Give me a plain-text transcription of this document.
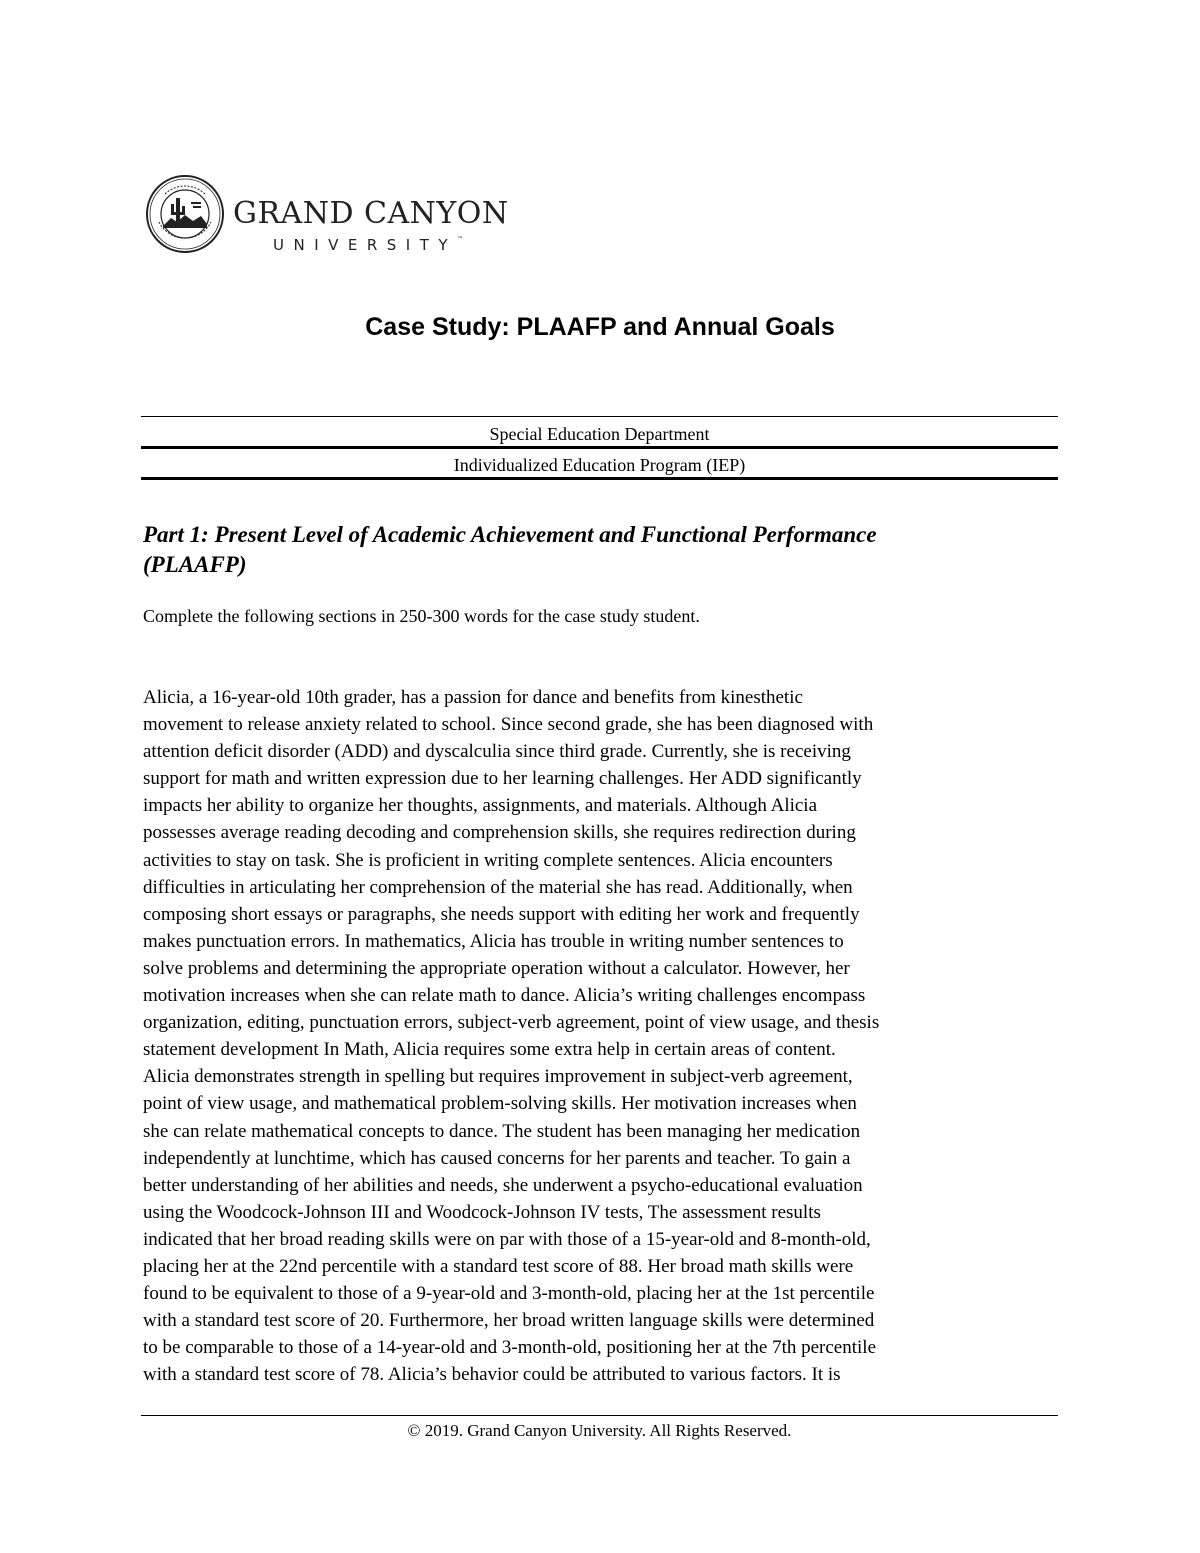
GRAND CANYON
UNIVERSITY™
Case Study: PLAAFP and Annual Goals
Special Education Department
Individualized Education Program (IEP)
Part 1: Present Level of Academic Achievement and Functional Performance
(PLAAFP)
Complete the following sections in 250-300 words for the case study student.
Alicia, a 16-year-old 10th grader, has a passion for dance and benefits from kinesthetic
movement to release anxiety related to school. Since second grade, she has been diagnosed with
attention deficit disorder (ADD) and dyscalculia since third grade. Currently, she is receiving
support for math and written expression due to her learning challenges. Her ADD significantly
impacts her ability to organize her thoughts, assignments, and materials. Although Alicia
possesses average reading decoding and comprehension skills, she requires redirection during
activities to stay on task. She is proficient in writing complete sentences. Alicia encounters
difficulties in articulating her comprehension of the material she has read. Additionally, when
composing short essays or paragraphs, she needs support with editing her work and frequently
makes punctuation errors. In mathematics, Alicia has trouble in writing number sentences to
solve problems and determining the appropriate operation without a calculator. However, her
motivation increases when she can relate math to dance. Alicia’s writing challenges encompass
organization, editing, punctuation errors, subject-verb agreement, point of view usage, and thesis
statement development In Math, Alicia requires some extra help in certain areas of content.
Alicia demonstrates strength in spelling but requires improvement in subject-verb agreement,
point of view usage, and mathematical problem-solving skills. Her motivation increases when
she can relate mathematical concepts to dance. The student has been managing her medication
independently at lunchtime, which has caused concerns for her parents and teacher. To gain a
better understanding of her abilities and needs, she underwent a psycho-educational evaluation
using the Woodcock-Johnson III and Woodcock-Johnson IV tests, The assessment results
indicated that her broad reading skills were on par with those of a 15-year-old and 8-month-old,
placing her at the 22nd percentile with a standard test score of 88. Her broad math skills were
found to be equivalent to those of a 9-year-old and 3-month-old, placing her at the 1st percentile
with a standard test score of 20. Furthermore, her broad written language skills were determined
to be comparable to those of a 14-year-old and 3-month-old, positioning her at the 7th percentile
with a standard test score of 78. Alicia’s behavior could be attributed to various factors. It is
© 2019. Grand Canyon University. All Rights Reserved.
